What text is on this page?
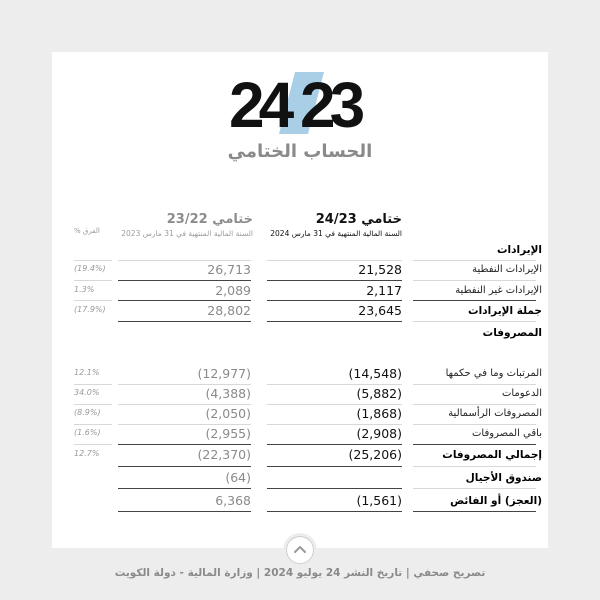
24 23
الحساب الختامي
ختامي 24/23
السنة المالية المنتهية في 31 مارس 2024
ختامي 23/22
السنة المالية المنتهية في 31 مارس 2023
% الفرق
الإيرادات
الإيرادات النفطية
21,528
26,713
(19.4%)
الإيرادات غير النفطية
2,117
2,089
1.3%
جملة الإيرادات
23,645
28,802
(17.9%)
المصروفات
المرتبات وما في حكمها
(14,548)
(12,977)
12.1%
الدعومات
(5,882)
(4,388)
34.0%
المصروفات الرأسمالية
(1,868)
(2,050)
(8.9%)
باقي المصروفات
(2,908)
(2,955)
(1.6%)
إجمالي المصروفات
(25,206)
(22,370)
12.7%
صندوق الأجيال
(64)
(العجز) أو الفائض
(1,561)
6,368
تصريح صحفي | تاريخ النشر 24 يوليو 2024 | وزارة المالية - دولة الكويت
